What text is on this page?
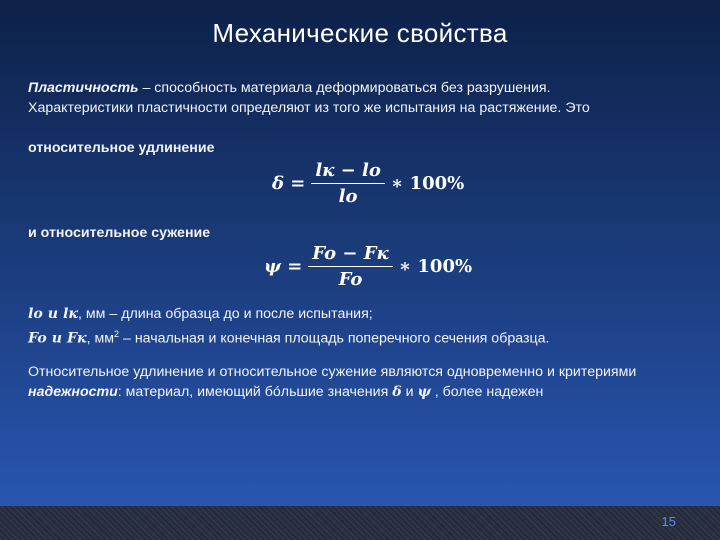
Механические свойства

Пластичность – способность материала деформироваться без разрушения.
Характеристики пластичности определяют из того же испытания на растяжение. Это

относительное удлинение
$\delta = \frac{lк - lo}{lo}$ ∗ 100%
и относительное сужение
$\psi = \frac{Fo - Fк}{Fo}$ ∗ 100%
lo и lк, мм – длина образца до и после испытания;
Fo и Fк, $мм^2$ – начальная и конечная площадь поперечного сечения образца.
Относительное удлинение и относительное сужение являются одновременно и критериями надежности: материал, имеющий бо́льшие значения δ и ψ , более надежен
15
